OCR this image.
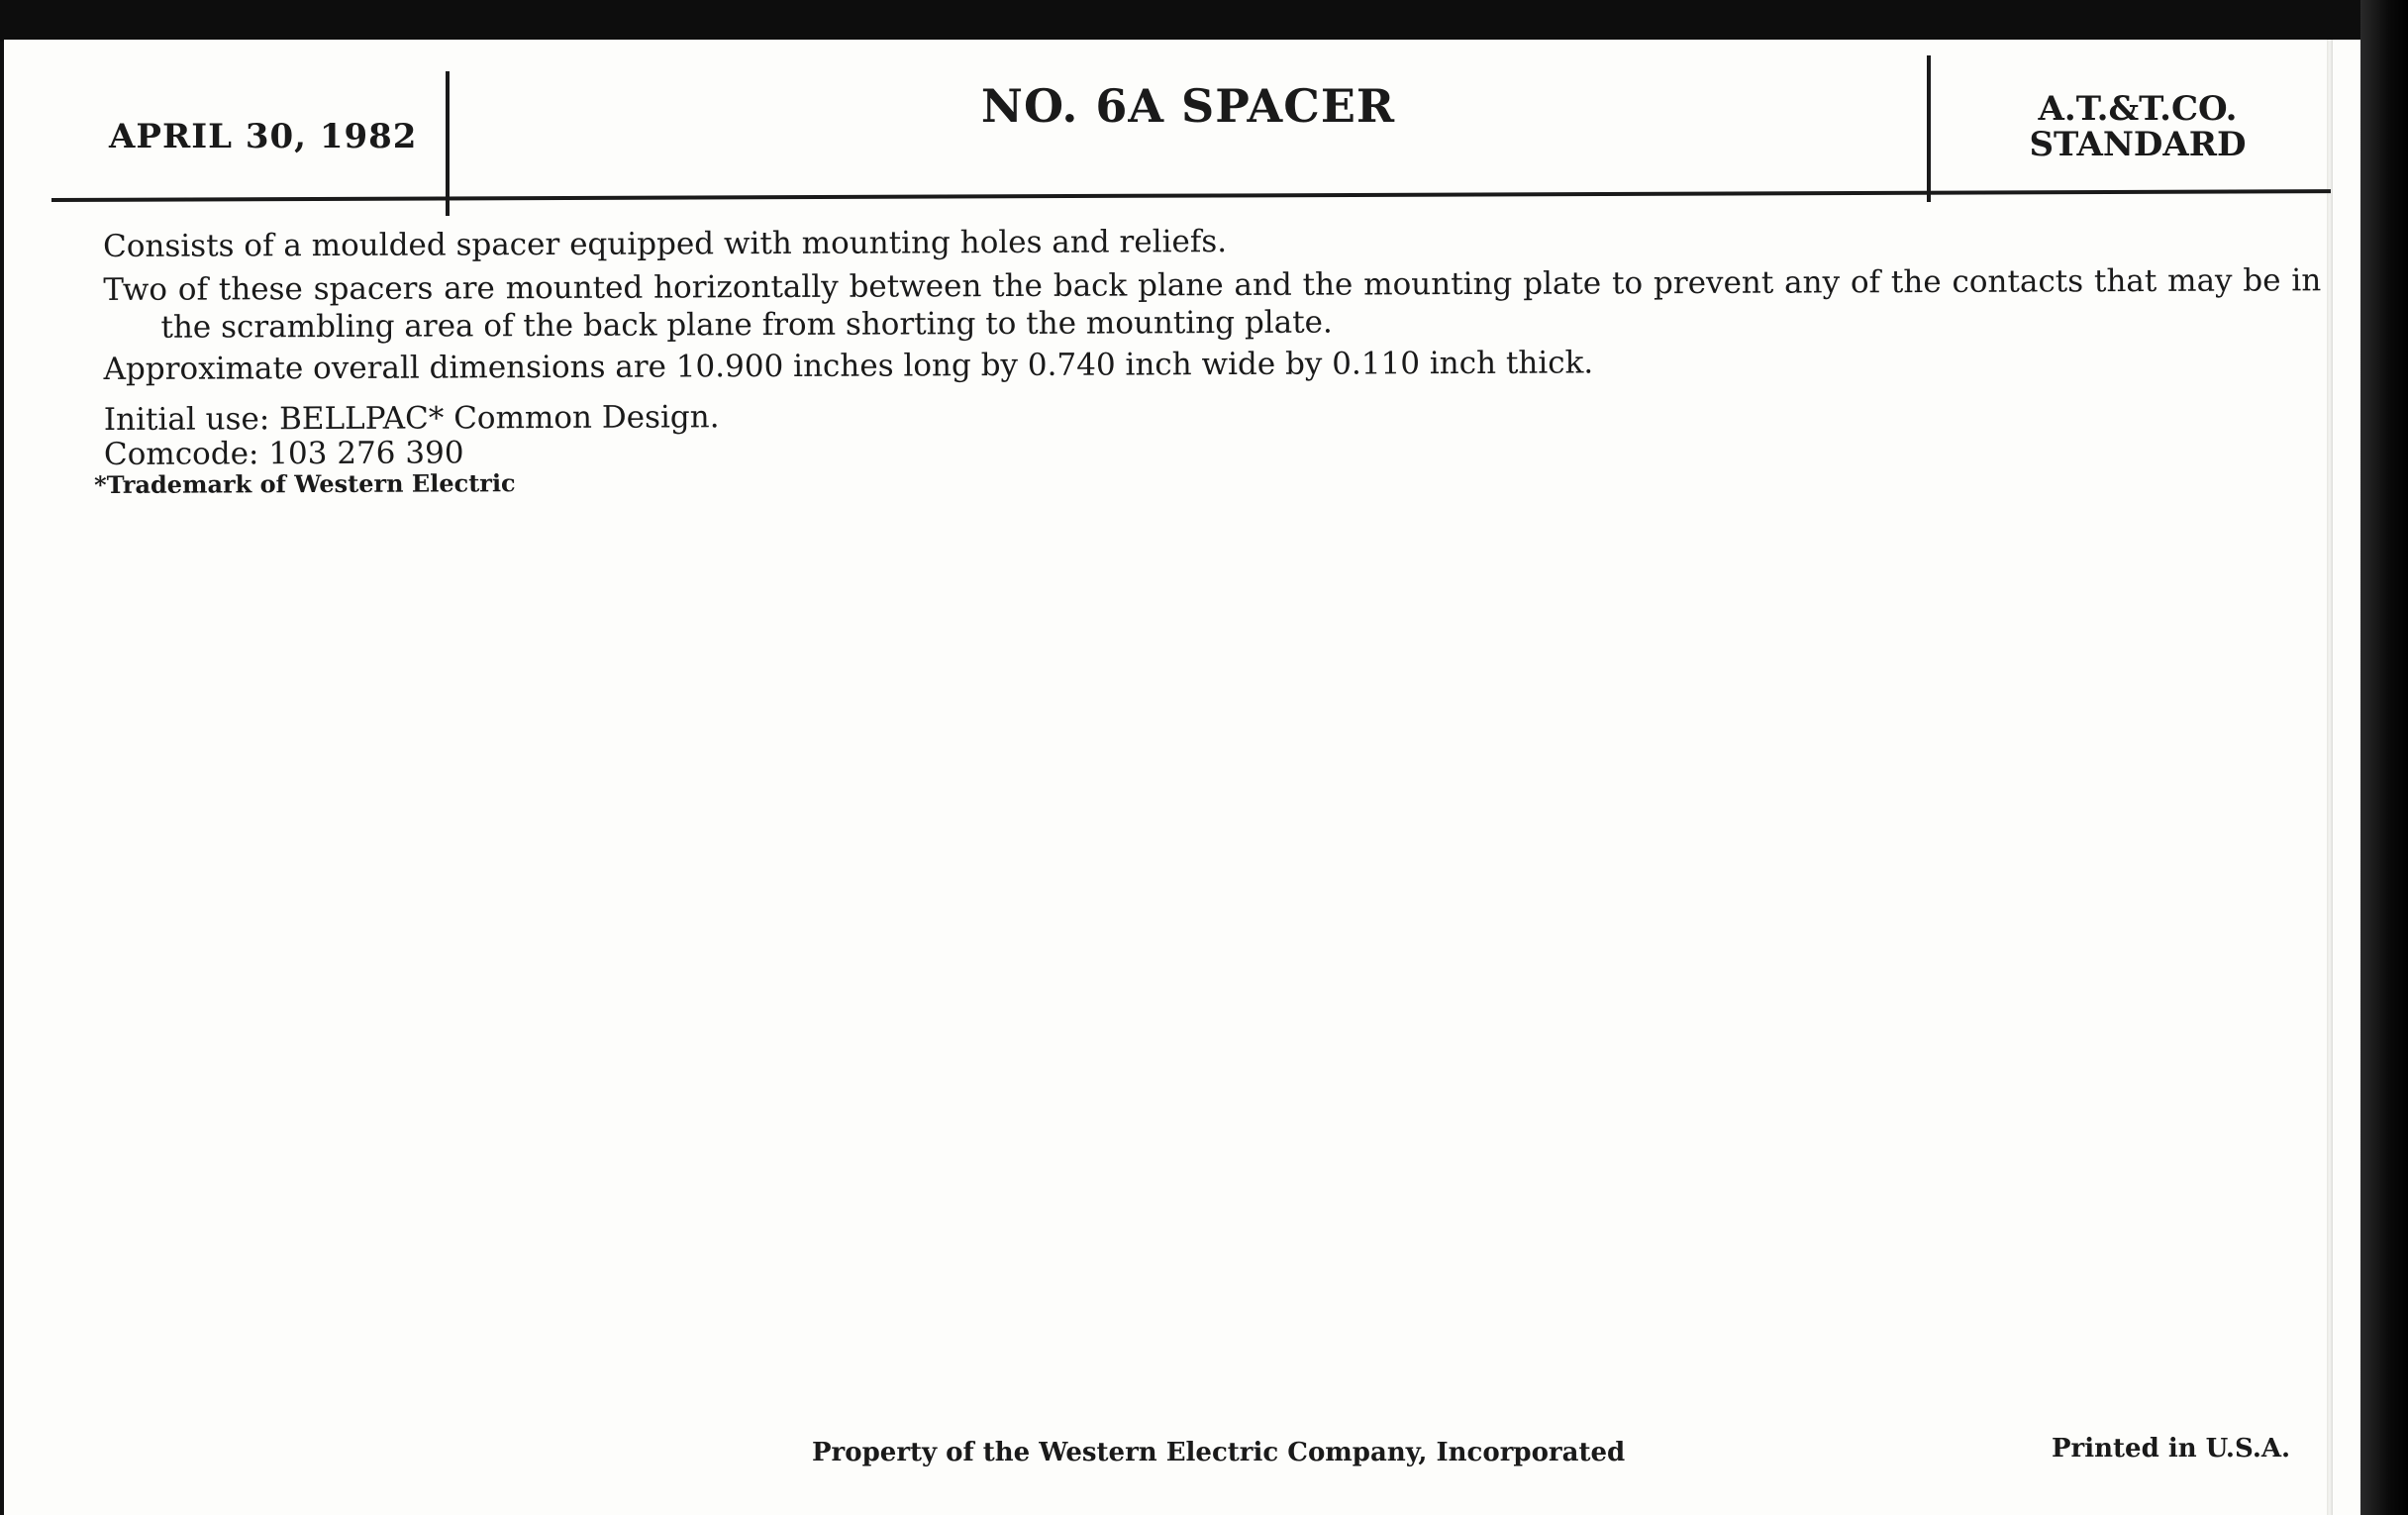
APRIL 30, 1982
NO. 6A SPACER	A.T.&T.CO.
STANDARD

Consists of a moulded spacer equipped with mounting holes and reliefs.

Two of these spacers are mounted horizontally between the back plane and the mounting plate to prevent any of the contacts that may be in the scrambling area of the back plane from shorting to the mounting plate.

Approximate overall dimensions are 10.900 inches long by 0.740 inch wide by 0.110 inch thick.

Initial use: BELLPAC* Common Design.
Comcode: 103 276 390
*Trademark of Western Electric
Property of the Western Electric Company, Incorporated	Printed in U.S.A.
